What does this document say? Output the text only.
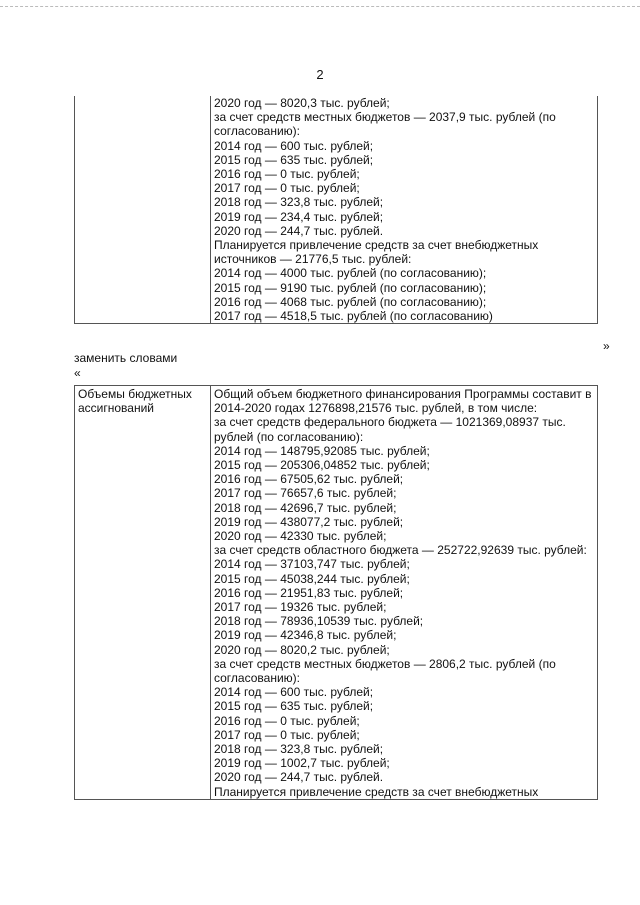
2

2020 год — 8020,3 тыс. рублей;
за счет средств местных бюджетов — 2037,9 тыс. рублей (по согласованию):
2014 год — 600 тыс. рублей;
2015 год — 635 тыс. рублей;
2016 год — 0 тыс. рублей;
2017 год — 0 тыс. рублей;
2018 год — 323,8 тыс. рублей;
2019 год — 234,4 тыс. рублей;
2020 год — 244,7 тыс. рублей.
Планируется привлечение средств за счет внебюджетных источников — 21776,5 тыс. рублей:
2014 год — 4000 тыс. рублей (по согласованию);
2015 год — 9190 тыс. рублей (по согласованию);
2016 год — 4068 тыс. рублей (по согласованию);
2017 год — 4518,5 тыс. рублей (по согласованию)
»
заменить словами
«
Объемы бюджетных ассигнований

Общий объем бюджетного финансирования Программы составит в 2014-2020 годах 1276898,21576 тыс. рублей, в том числе:
за счет средств федерального бюджета — 1021369,08937 тыс. рублей (по согласованию):
2014 год — 148795,92085 тыс. рублей;
2015 год — 205306,04852 тыс. рублей;
2016 год — 67505,62 тыс. рублей;
2017 год — 76657,6 тыс. рублей;
2018 год — 42696,7 тыс. рублей;
2019 год — 438077,2 тыс. рублей;
2020 год — 42330 тыс. рублей;
за счет средств областного бюджета — 252722,92639 тыс. рублей:
2014 год — 37103,747 тыс. рублей;
2015 год — 45038,244 тыс. рублей;
2016 год — 21951,83 тыс. рублей;
2017 год — 19326 тыс. рублей;
2018 год — 78936,10539 тыс. рублей;
2019 год — 42346,8 тыс. рублей;
2020 год — 8020,2 тыс. рублей;
за счет средств местных бюджетов — 2806,2 тыс. рублей (по согласованию):
2014 год — 600 тыс. рублей;
2015 год — 635 тыс. рублей;
2016 год — 0 тыс. рублей;
2017 год — 0 тыс. рублей;
2018 год — 323,8 тыс. рублей;
2019 год — 1002,7 тыс. рублей;
2020 год — 244,7 тыс. рублей.
Планируется привлечение средств за счет внебюджетных
